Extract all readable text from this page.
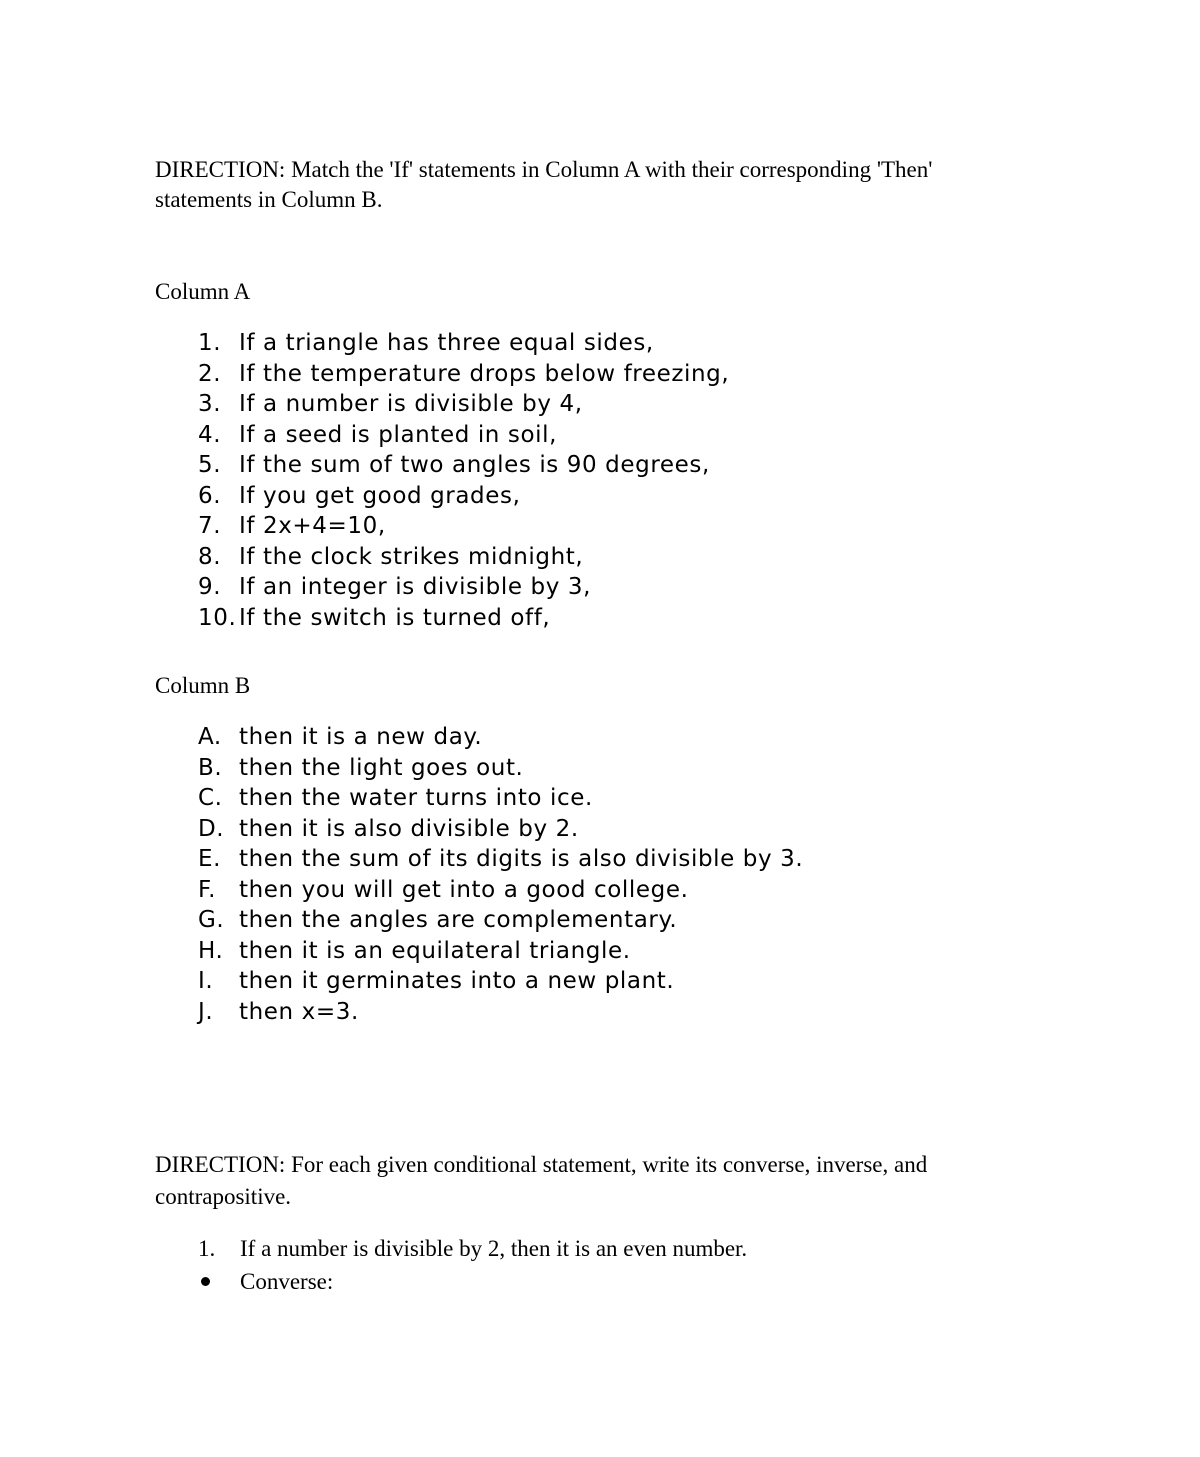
DIRECTION: Match the 'If' statements in Column A with their corresponding 'Then'
statements in Column B.
Column A
1. If a triangle has three equal sides,
2. If the temperature drops below freezing,
3. If a number is divisible by 4,
4. If a seed is planted in soil,
5. If the sum of two angles is 90 degrees,
6. If you get good grades,
7. If 2x+4=10,
8. If the clock strikes midnight,
9. If an integer is divisible by 3,
10. If the switch is turned off,
Column B
A. then it is a new day.
B. then the light goes out.
C. then the water turns into ice.
D. then it is also divisible by 2.
E. then the sum of its digits is also divisible by 3.
F. then you will get into a good college.
G. then the angles are complementary.
H. then it is an equilateral triangle.
I. then it germinates into a new plant.
J. then x=3.
DIRECTION: For each given conditional statement, write its converse, inverse, and
contrapositive.
1. If a number is divisible by 2, then it is an even number.
Converse:
